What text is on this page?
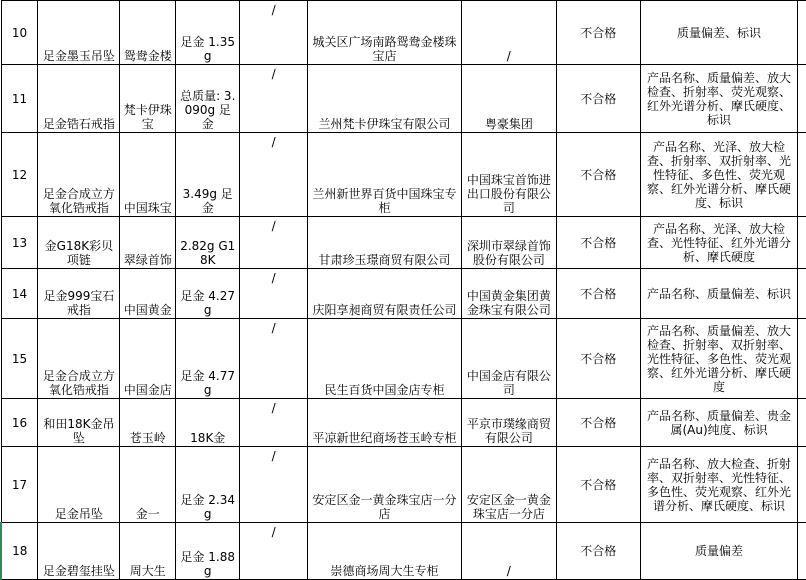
10	足金墨玉吊坠	鸳鸯金楼	足金 1.35g	/	城关区广场南路鸳鸯金楼珠宝店	/	不合格	质量偏差、标识	
11	足金锆石戒指	梵卡伊珠宝	总质量: 3.090g 足金	/	兰州梵卡伊珠宝有限公司	粤豪集团	不合格	产品名称、质量偏差、放大检查、折射率、荧光观察、红外光谱分析、摩氏硬度、标识	
12	足金合成立方氧化锆戒指	中国珠宝	3.49g 足金	/	兰州新世界百货中国珠宝专柜	中国珠宝首饰进出口股份有限公司	不合格	产品名称、光泽、放大检查、折射率、双折射率、光性特征、多色性、荧光观察、红外光谱分析、摩氏硬度、标识	
13	金G18K彩贝项链	翠绿首饰	2.82g G18K	/	甘肃珍玉璟商贸有限公司	深圳市翠绿首饰股份有限公司	不合格	产品名称、光泽、放大检查、光性特征、红外光谱分析、摩氏硬度	
14	足金999宝石戒指	中国黄金	足金 4.27g	/	庆阳享昶商贸有限责任公司	中国黄金集团黄金珠宝有限公司	不合格	产品名称、质量偏差、标识	
15	足金合成立方氧化锆戒指	中国金店	足金 4.77g	/	民生百货中国金店专柜	中国金店有限公司	不合格	产品名称、质量偏差、放大检查、折射率、双折射率、光性特征、多色性、荧光观察、红外光谱分析、摩氏硬度	
16	和田18K金吊坠	苍玉岭	18K金	/	平凉新世纪商场苍玉岭专柜	平京市璞缘商贸有限公司	不合格	产品名称、质量偏差、贵金属(Au)纯度、标识	
17	足金吊坠	金一	足金 2.34g	/	安定区金一黄金珠宝店一分店	安定区金一黄金珠宝店一分店	不合格	产品名称、放大检查、折射率、双折射率、光性特征、多色性、荧光观察、红外光谱分析、摩氏硬度、标识	
18	足金碧玺挂坠	周大生	足金 1.88g	/	崇德商场周大生专柜	/	不合格	质量偏差	
